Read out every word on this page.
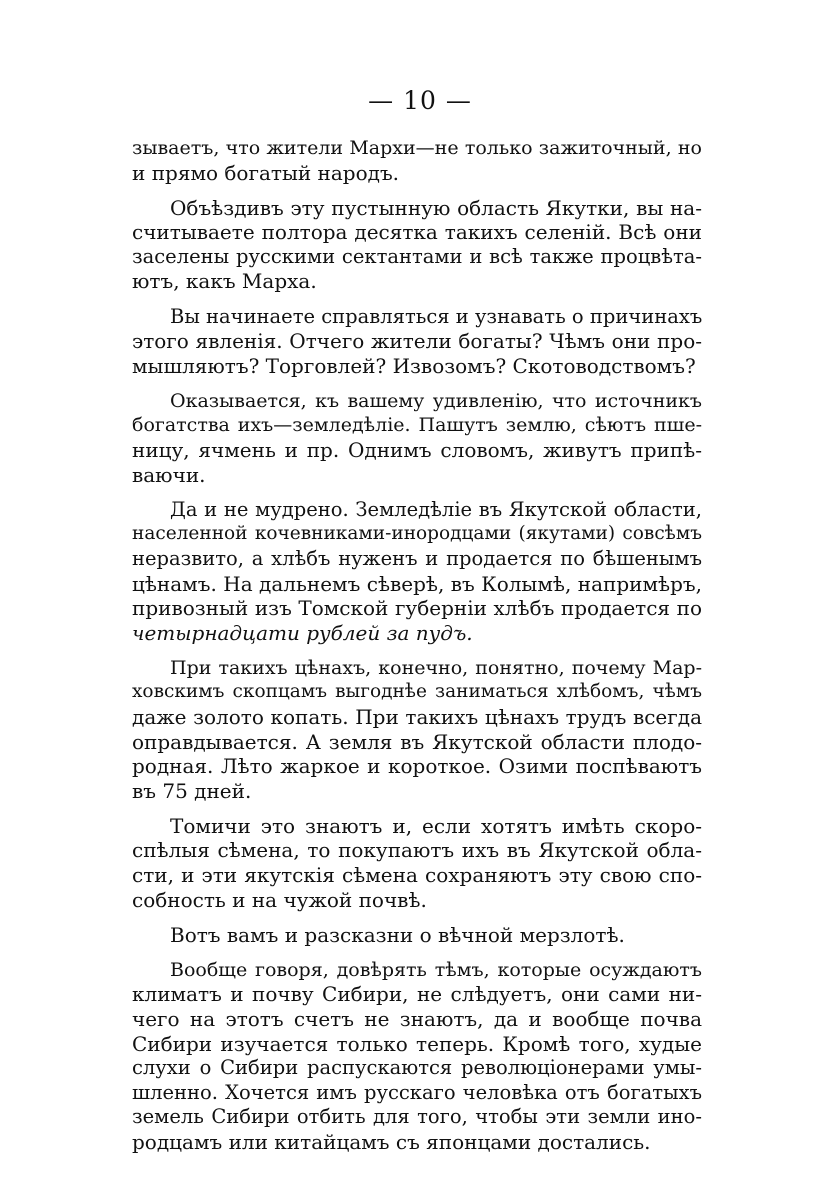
— 10 —
зываетъ, что жители Мархи—не только зажиточный, но
и прямо богатый народъ.
Объѣздивъ эту пустынную область Якутки, вы на-
считываете полтора десятка такихъ селеній. Всѣ они
заселены русскими сектантами и всѣ также процвѣта-
ютъ, какъ Марха.
Вы начинаете справляться и узнавать о причинахъ
этого явленія. Отчего жители богаты? Чѣмъ они про-
мышляютъ? Торговлей? Извозомъ? Скотоводствомъ?
Оказывается, къ вашему удивленію, что источникъ
богатства ихъ—земледѣліе. Пашутъ землю, сѣютъ пше-
ницу, ячмень и пр. Однимъ словомъ, живутъ припѣ-
ваючи.
Да и не мудрено. Земледѣліе въ Якутской области,
населенной кочевниками-инородцами (якутами) совсѣмъ
неразвито, а хлѣбъ нуженъ и продается по бѣшенымъ
цѣнамъ. На дальнемъ сѣверѣ, въ Колымѣ, напримѣръ,
привозный изъ Томской губерніи хлѣбъ продается по
четырнадцати рублей за пудъ.
При такихъ цѣнахъ, конечно, понятно, почему Мар-
ховскимъ скопцамъ выгоднѣе заниматься хлѣбомъ, чѣмъ
даже золото копать. При такихъ цѣнахъ трудъ всегда
оправдывается. А земля въ Якутской области плодо-
родная. Лѣто жаркое и короткое. Озими поспѣваютъ
въ 75 дней.
Томичи это знаютъ и, если хотятъ имѣть скоро-
спѣлыя сѣмена, то покупаютъ ихъ въ Якутской обла-
сти, и эти якутскія сѣмена сохраняютъ эту свою спо-
собность и на чужой почвѣ.
Вотъ вамъ и разсказни о вѣчной мерзлотѣ.
Вообще говоря, довѣрять тѣмъ, которые осуждаютъ
климатъ и почву Сибири, не слѣдуетъ, они сами ни-
чего на этотъ счетъ не знаютъ, да и вообще почва
Сибири изучается только теперь. Кромѣ того, худые
слухи о Сибири распускаются революціонерами умы-
шленно. Хочется имъ русскаго человѣка отъ богатыхъ
земель Сибири отбить для того, чтобы эти земли ино-
родцамъ или китайцамъ съ японцами достались.
